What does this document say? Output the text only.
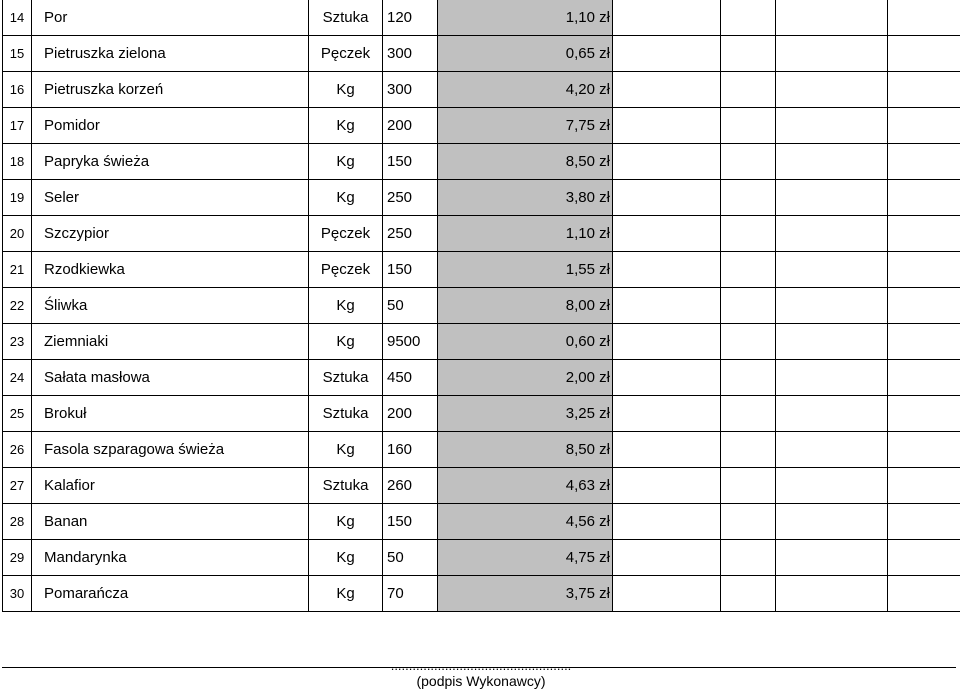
14	Por	Sztuka	120	1,10 zł				
15	Pietruszka zielona	Pęczek	300	0,65 zł				
16	Pietruszka korzeń	Kg	300	4,20 zł				
17	Pomidor	Kg	200	7,75 zł				
18	Papryka świeża	Kg	150	8,50 zł				
19	Seler	Kg	250	3,80 zł				
20	Szczypior	Pęczek	250	1,10 zł				
21	Rzodkiewka	Pęczek	150	1,55 zł				
22	Śliwka	Kg	50	8,00 zł				
23	Ziemniaki	Kg	9500	0,60 zł				
24	Sałata masłowa	Sztuka	450	2,00 zł				
25	Brokuł	Sztuka	200	3,25 zł				
26	Fasola szparagowa świeża	Kg	160	8,50 zł				
27	Kalafior	Sztuka	260	4,63 zł				
28	Banan	Kg	150	4,56 zł				
29	Mandarynka	Kg	50	4,75 zł				
30	Pomarańcza	Kg	70	3,75 zł				
..................................................
(podpis Wykonawcy)
